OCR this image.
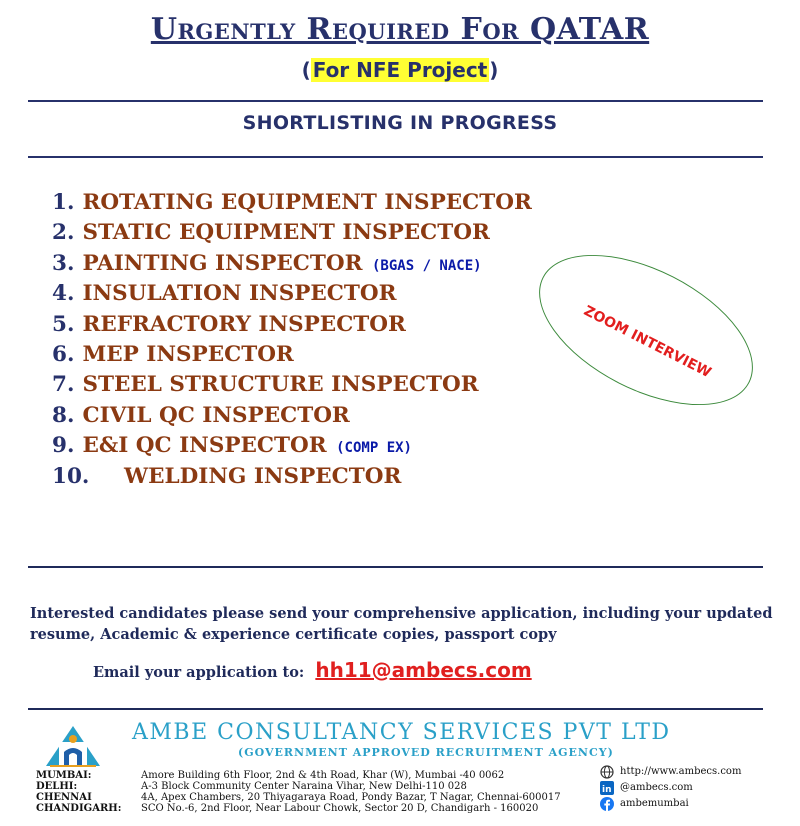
Urgently Required For QATAR
( For NFE Project )
SHORTLISTING IN PROGRESS
1. ROTATING EQUIPMENT INSPECTOR
2. STATIC EQUIPMENT INSPECTOR
3. PAINTING INSPECTOR (BGAS / NACE)
4. INSULATION INSPECTOR
5. REFRACTORY INSPECTOR
6. MEP INSPECTOR
7. STEEL STRUCTURE INSPECTOR
8. CIVIL QC INSPECTOR
9. E&I QC INSPECTOR (COMP EX)
10. WELDING INSPECTOR
ZOOM INTERVIEW
Interested candidates please send your comprehensive application, including your updated resume, Academic & experience certificate copies, passport copy
Email your application to: hh11@ambecs.com
AMBE CONSULTANCY SERVICES PVT LTD
(GOVERNMENT APPROVED RECRUITMENT AGENCY)
MUMBAI:	Amore Building 6th Floor, 2nd & 4th Road, Khar (W), Mumbai -40 0062
DELHI:	A-3 Block Community Center Naraina Vihar, New Delhi-110 028
CHENNAI	4A, Apex Chambers, 20 Thiyagaraya Road, Pondy Bazar, T Nagar, Chennai-600017
CHANDIGARH: SCO No.-6, 2nd Floor, Near Labour Chowk, Sector 20 D, Chandigarh - 160020
http://www.ambecs.com
in @ambecs.com
ambemumbai
